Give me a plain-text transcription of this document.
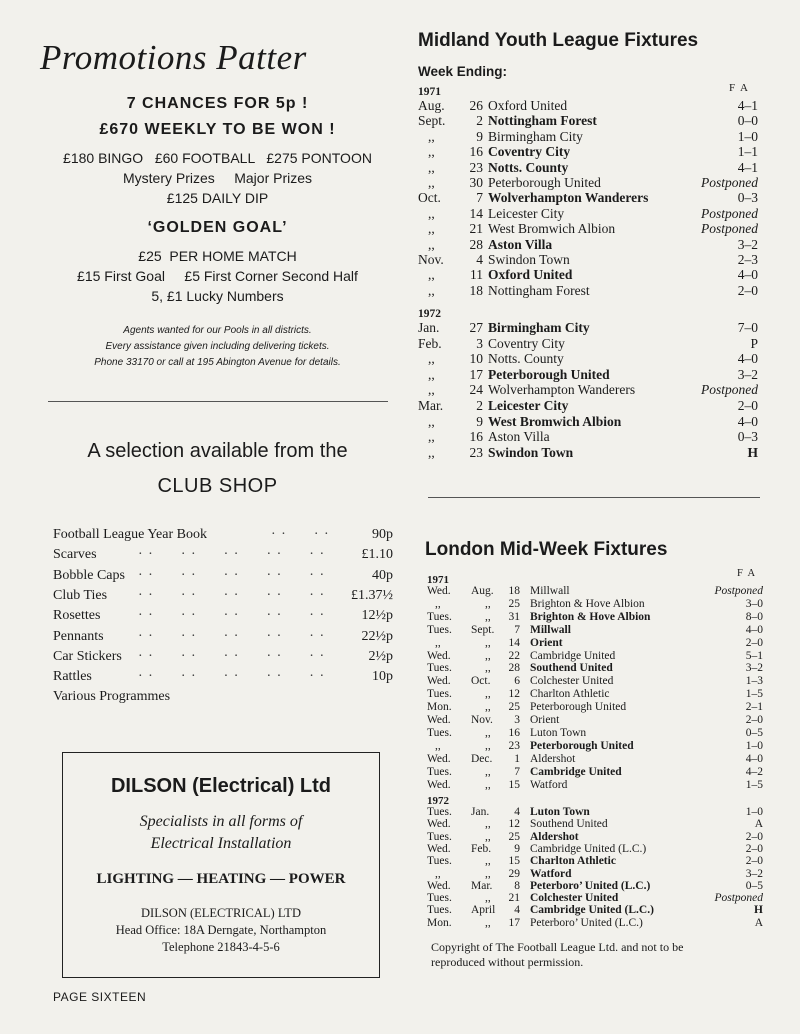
Promotions Patter
7 CHANCES FOR 5p !
£670 WEEKLY TO BE WON !
£180 BINGO   £60 FOOTBALL   £275 PONTOON
Mystery Prizes     Major Prizes
£125 DAILY DIP
‘GOLDEN GOAL’
£25  PER HOME MATCH
£15 First Goal     £5 First Corner Second Half
5, £1 Lucky Numbers
Agents wanted for our Pools in all districts.
Every assistance given including delivering tickets.
Phone 33170 or call at 195 Abington Avenue for details.
A selection available from the
CLUB SHOP
Football League Year Book	· ·      · ·	90p
Scarves	· ·      · ·      · ·      · ·      · ·	£1.10
Bobble Caps · ·      · ·      · ·      · ·      · ·	40p
Club Ties · ·      · ·      · ·      · ·      · · £1.37½
Rosettes	· ·      · ·      · ·      · ·      · ·	12½p
Pennants · ·      · ·      · ·      · ·      · ·	22½p
Car Stickers · ·      · ·      · ·      · ·      · ·	2½p
Rattles	· ·      · ·      · ·      · ·      · ·	10p
Various Programmes
DILSON (Electrical) Ltd
Specialists in all forms of
Electrical Installation
LIGHTING — HEATING — POWER
DILSON (ELECTRICAL) LTD
Head Office: 18A Derngate, Northampton
Telephone 21843-4-5-6
PAGE SIXTEEN
Midland Youth League Fixtures
Week Ending:
F  A
1971
Aug. 26 Oxford United	4–1
Sept. 2 Nottingham Forest	0–0
,,	9 Birmingham City	1–0
,,	16 Coventry City	1–1
,,	23 Notts. County	4–1
,,	30 Peterborough United	Postponed
Oct.	7 Wolverhampton Wanderers	0–3
,,	14 Leicester City	Postponed
,,	21 West Bromwich Albion	Postponed
,,	28 Aston Villa	3–2
Nov. 4 Swindon Town	2–3
,,	11 Oxford United	4–0
,,	18 Nottingham Forest	2–0
1972
Jan. 27 Birmingham City	7–0
Feb.	3 Coventry City	P
,,	10 Notts. County	4–0
,,	17 Peterborough United	3–2
,,	24 Wolverhampton Wanderers	Postponed
Mar. 2 Leicester City	2–0
,,	9 West Bromwich Albion	4–0
,,	16 Aston Villa	0–3
,,	23 Swindon Town	H
London Mid-Week Fixtures
F  A
1971
Wed. Aug. 18 Millwall	Postponed
,,	,, 25 Brighton & Hove Albion	3–0
Tues.	,, 31 Brighton & Hove Albion	8–0
Tues. Sept. 7 Millwall	4–0
,,	,, 14 Orient	2–0
Wed.	,, 22 Cambridge United	5–1
Tues.	,, 28 Southend United	3–2
Wed. Oct. 6 Colchester United	1–3
Tues.	,, 12 Charlton Athletic	1–5
Mon.	,, 25 Peterborough United	2–1
Wed. Nov. 3 Orient	2–0
Tues.	,, 16 Luton Town	0–5
,,	,, 23 Peterborough United	1–0
Wed. Dec. 1 Aldershot	4–0
Tues.	,, 7 Cambridge United	4–2
Wed.	,, 15 Watford	1–5
1972
Tues. Jan. 4 Luton Town	1–0
Wed.	,, 12 Southend United	A
Tues.	,, 25 Aldershot	2–0
Wed. Feb. 9 Cambridge United (L.C.)	2–0
Tues.	,, 15 Charlton Athletic	2–0
,,	,, 29 Watford	3–2
Wed. Mar. 8 Peterboro’ United (L.C.)	0–5
Tues.	,, 21 Colchester United	Postponed
Tues. April 4 Cambridge United (L.C.)	H
Mon.	,, 17 Peterboro’ United (L.C.)	A
Copyright of The Football League Ltd. and not to be
reproduced without permission.
